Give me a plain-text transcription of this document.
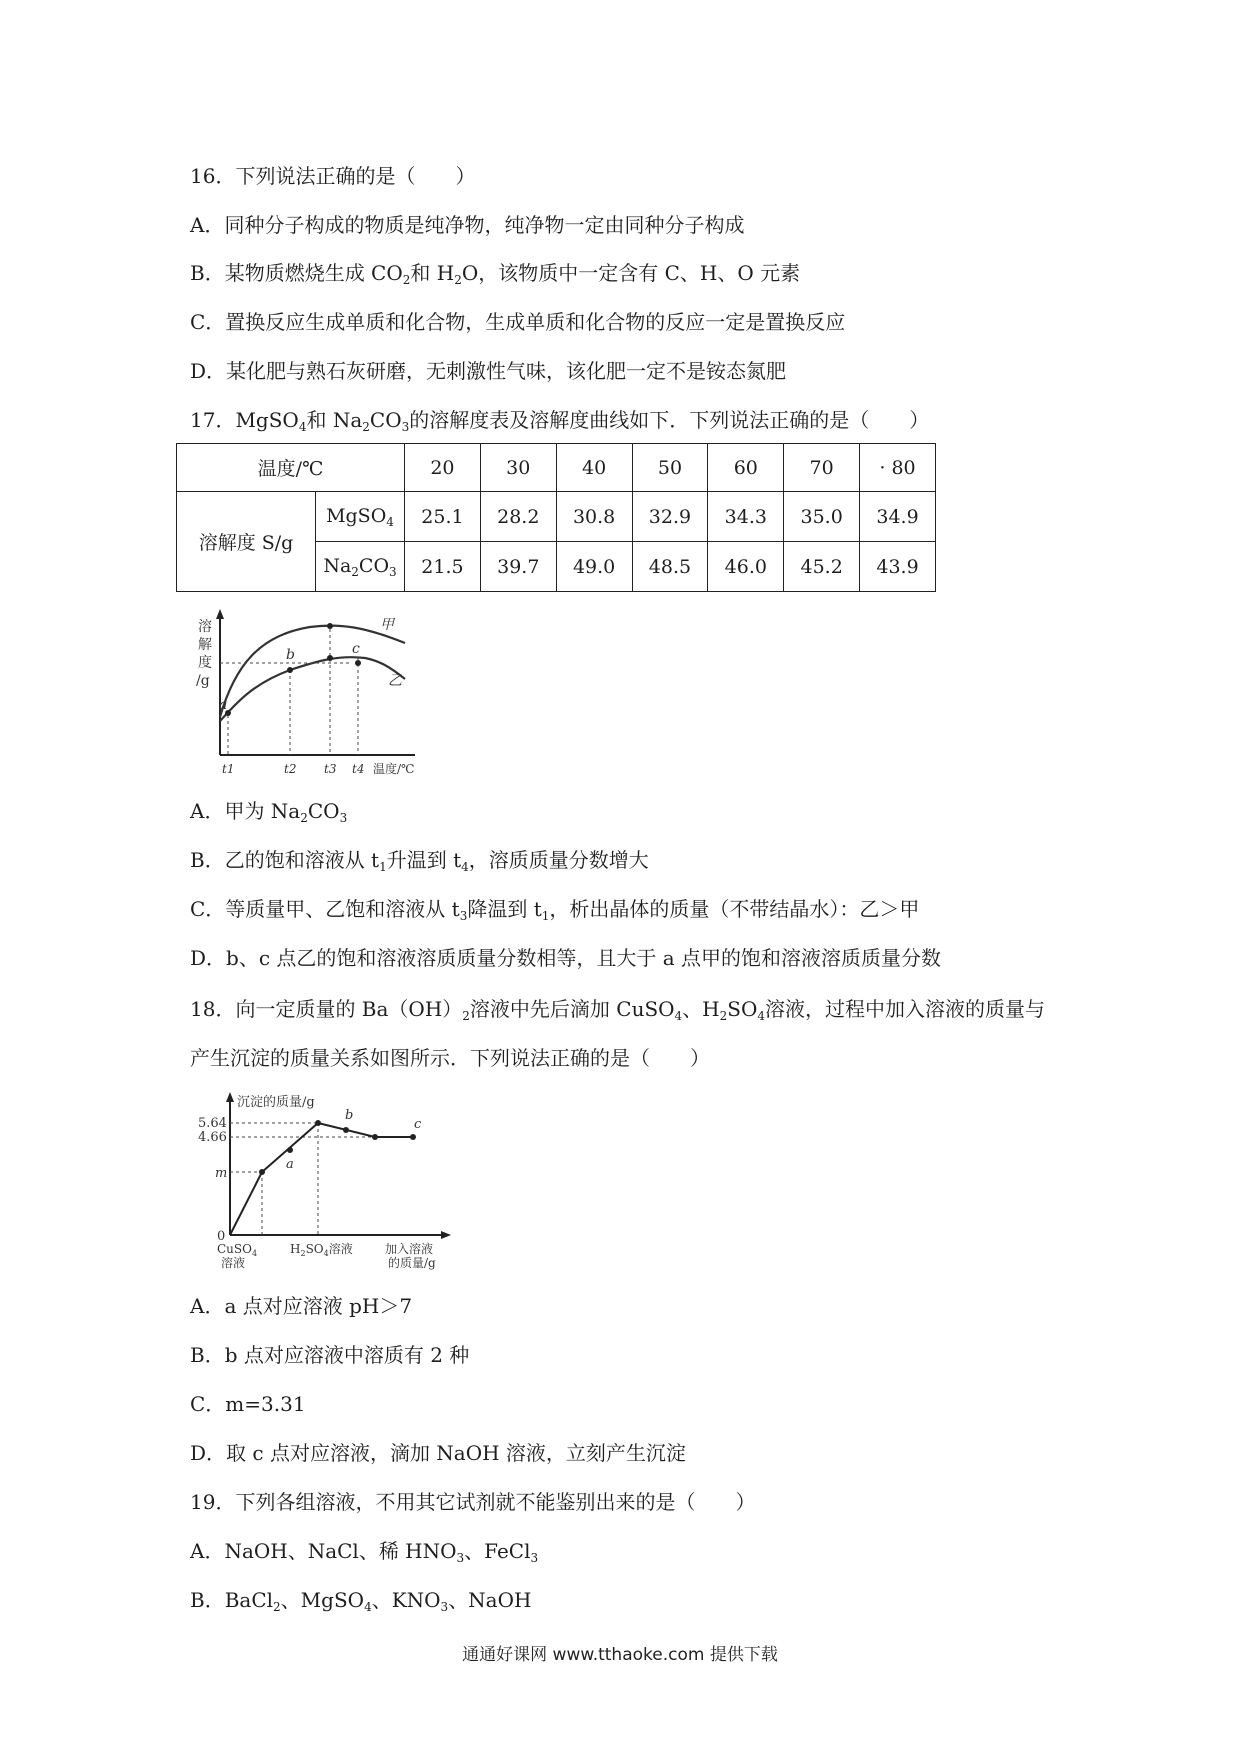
16．下列说法正确的是（　　）
A．同种分子构成的物质是纯净物，纯净物一定由同种分子构成
B．某物质燃烧生成 $CO_2$和 $H_2O$，该物质中一定含有 C、H、O 元素
C．置换反应生成单质和化合物，生成单质和化合物的反应一定是置换反应
D．某化肥与熟石灰研磨，无刺激性气味，该化肥一定不是铵态氮肥
17．MgSO$_4$和 $Na_2CO_3$的溶解度表及溶解度曲线如下．下列说法正确的是（　　）
温度/℃		20	30	40	50	60	70	· 80
溶解度 S/g	MgSO$_4$	25.1	28.2	30.8	32.9	34.3	35.0	34.9
	$Na_2CO_3$	21.5	39.7	49.0	48.5	46.0	45.2	43.9
溶
解
度
/g
甲
乙
a
b	c
t1	t2 t3 t4 温度/℃
A．甲为 $Na_2CO_3$
B．乙的饱和溶液从 $t_1$升温到 $t_4$，溶质质量分数增大
C．等质量甲、乙饱和溶液从 $t_3$降温到 $t_1$，析出晶体的质量（不带结晶水）：乙＞甲
D．b、c 点乙的饱和溶液溶质质量分数相等，且大于 a 点甲的饱和溶液溶质质量分数
18．向一定质量的 $Ba(OH)_2$溶液中先后滴加 CuSO$_4$、$H_2SO_4$溶液，过程中加入溶液的质量与
产生沉淀的质量关系如图所示．下列说法正确的是（　　）
沉淀的质量/g
5.64
4.66
m
0
a
b
c
CuSO$_4$
溶液
$H_2SO_4$溶液	加入溶液
的质量/g
A．a 点对应溶液 pH＞7
B．b 点对应溶液中溶质有 2 种
C．m=3.31
D．取 c 点对应溶液，滴加 NaOH 溶液，立刻产生沉淀
19．下列各组溶液，不用其它试剂就不能鉴别出来的是（　　）
A．NaOH、NaCl、稀 $HNO_3$、FeCl$_3$
B．BaCl$_2$、MgSO$_4$、$KNO_3$、NaOH
通通好课网 www.tthaoke.com 提供下载
